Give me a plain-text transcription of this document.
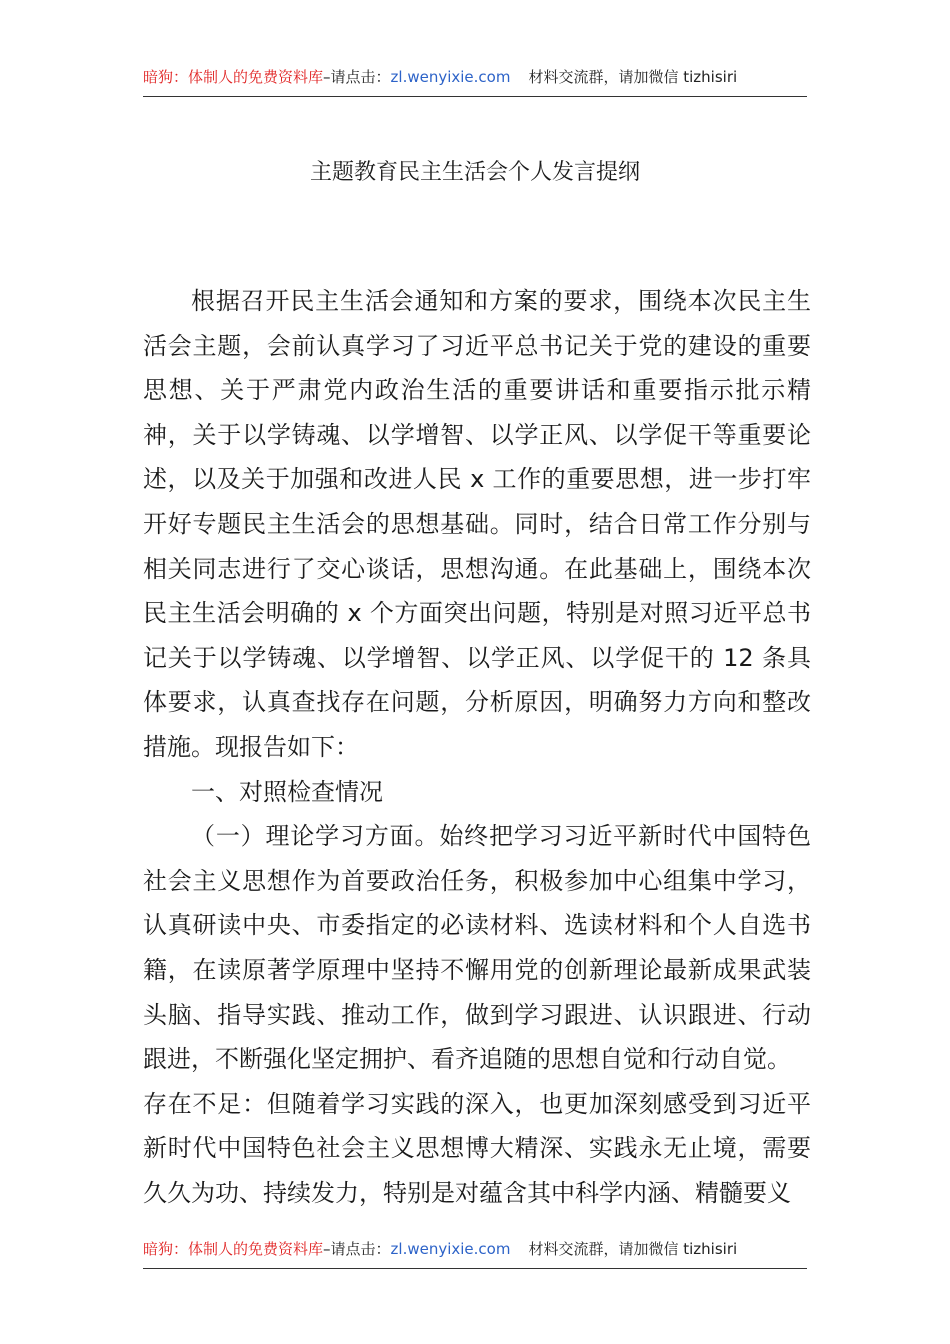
暗狗：体制人的免费资料库–请点击：zl.wenyixie.com 材料交流群，请加微信 tizhisiri
主题教育民主生活会个人发言提纲

根据召开民主生活会通知和方案的要求，围绕本次民主生活会主题，会前认真学习了习近平总书记关于党的建设的重要思想、关于严肃党内政治生活的重要讲话和重要指示批示精神，关于以学铸魂、以学增智、以学正风、以学促干等重要论述，以及关于加强和改进人民 x 工作的重要思想，进一步打牢开好专题民主生活会的思想基础。同时，结合日常工作分别与相关同志进行了交心谈话，思想沟通。在此基础上，围绕本次民主生活会明确的 x 个方面突出问题，特别是对照习近平总书记关于以学铸魂、以学增智、以学正风、以学促干的 12 条具体要求，认真查找存在问题，分析原因，明确努力方向和整改措施。现报告如下：

一、对照检查情况

（一）理论学习方面。始终把学习习近平新时代中国特色社会主义思想作为首要政治任务，积极参加中心组集中学习，认真研读中央、市委指定的必读材料、选读材料和个人自选书籍，在读原著学原理中坚持不懈用党的创新理论最新成果武装头脑、指导实践、推动工作，做到学习跟进、认识跟进、行动跟进，不断强化坚定拥护、看齐追随的思想自觉和行动自觉。

存在不足：但随着学习实践的深入，也更加深刻感受到习近平新时代中国特色社会主义思想博大精深、实践永无止境，需要久久为功、持续发力，特别是对蕴含其中科学内涵、精髓要义

暗狗：体制人的免费资料库–请点击：zl.wenyixie.com 材料交流群，请加微信 tizhisiri
